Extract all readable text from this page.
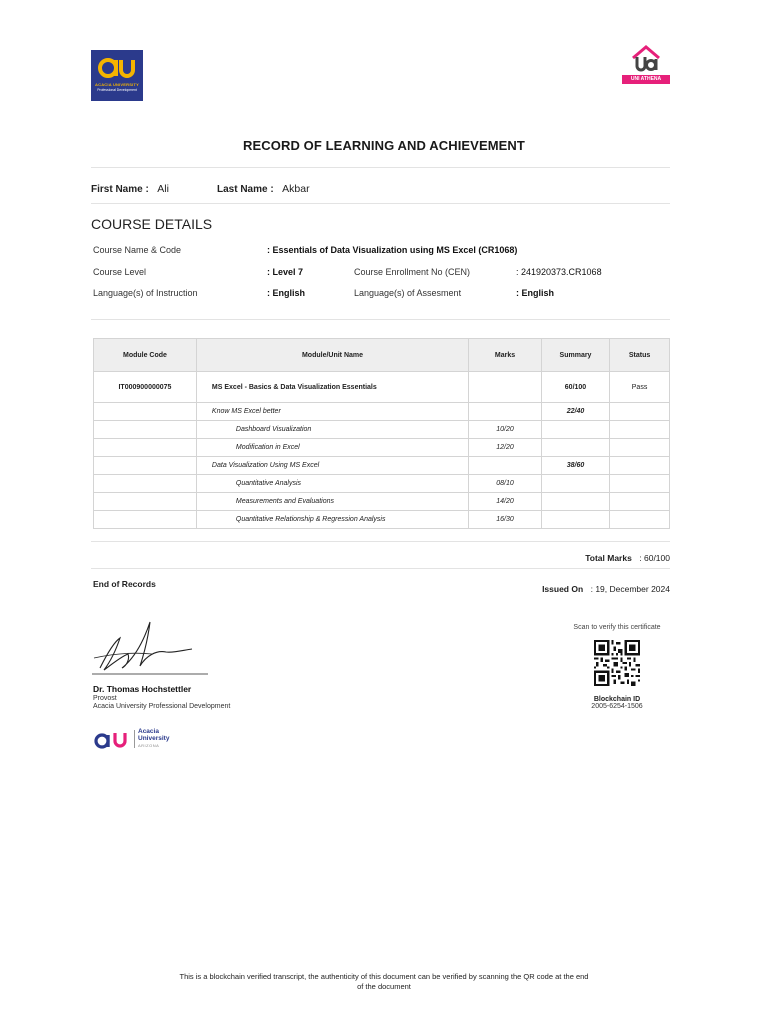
ACACIA UNIVERSITY
Professional Development
UNI ATHENA
RECORD OF LEARNING AND ACHIEVEMENT
First Name : Ali	Last Name : Akbar
COURSE DETAILS
Course Name & Code	: Essentials of Data Visualization using MS Excel (CR1068)
Course Level	: Level 7	Course Enrollment No (CEN)	: 241920373.CR1068
Language(s) of Instruction	: English	Language(s) of Assesment	: English
Module Code	Module/Unit Name	Marks	Summary	Status
IT000900000075	MS Excel - Basics & Data Visualization Essentials		60/100	Pass
	Know MS Excel better		22/40	
	Dashboard Visualization	10/20		
	Modification in Excel	12/20		
	Data Visualization Using MS Excel		38/60	
	Quantitative Analysis	08/10		
	Measurements and Evaluations	14/20		
	Quantitative Relationship & Regression Analysis	16/30		
Total Marks : 60/100
End of Records	Issued On : 19, December 2024
Dr. Thomas Hochstettler
Provost
Acacia University Professional Development
Acacia
University
ARIZONA
Scan to verify this certificate
Blockchain ID
2005-6254-1506
This is a blockchain verified transcript, the authenticity of this document can be verified by scanning the QR code at the end
of the document
